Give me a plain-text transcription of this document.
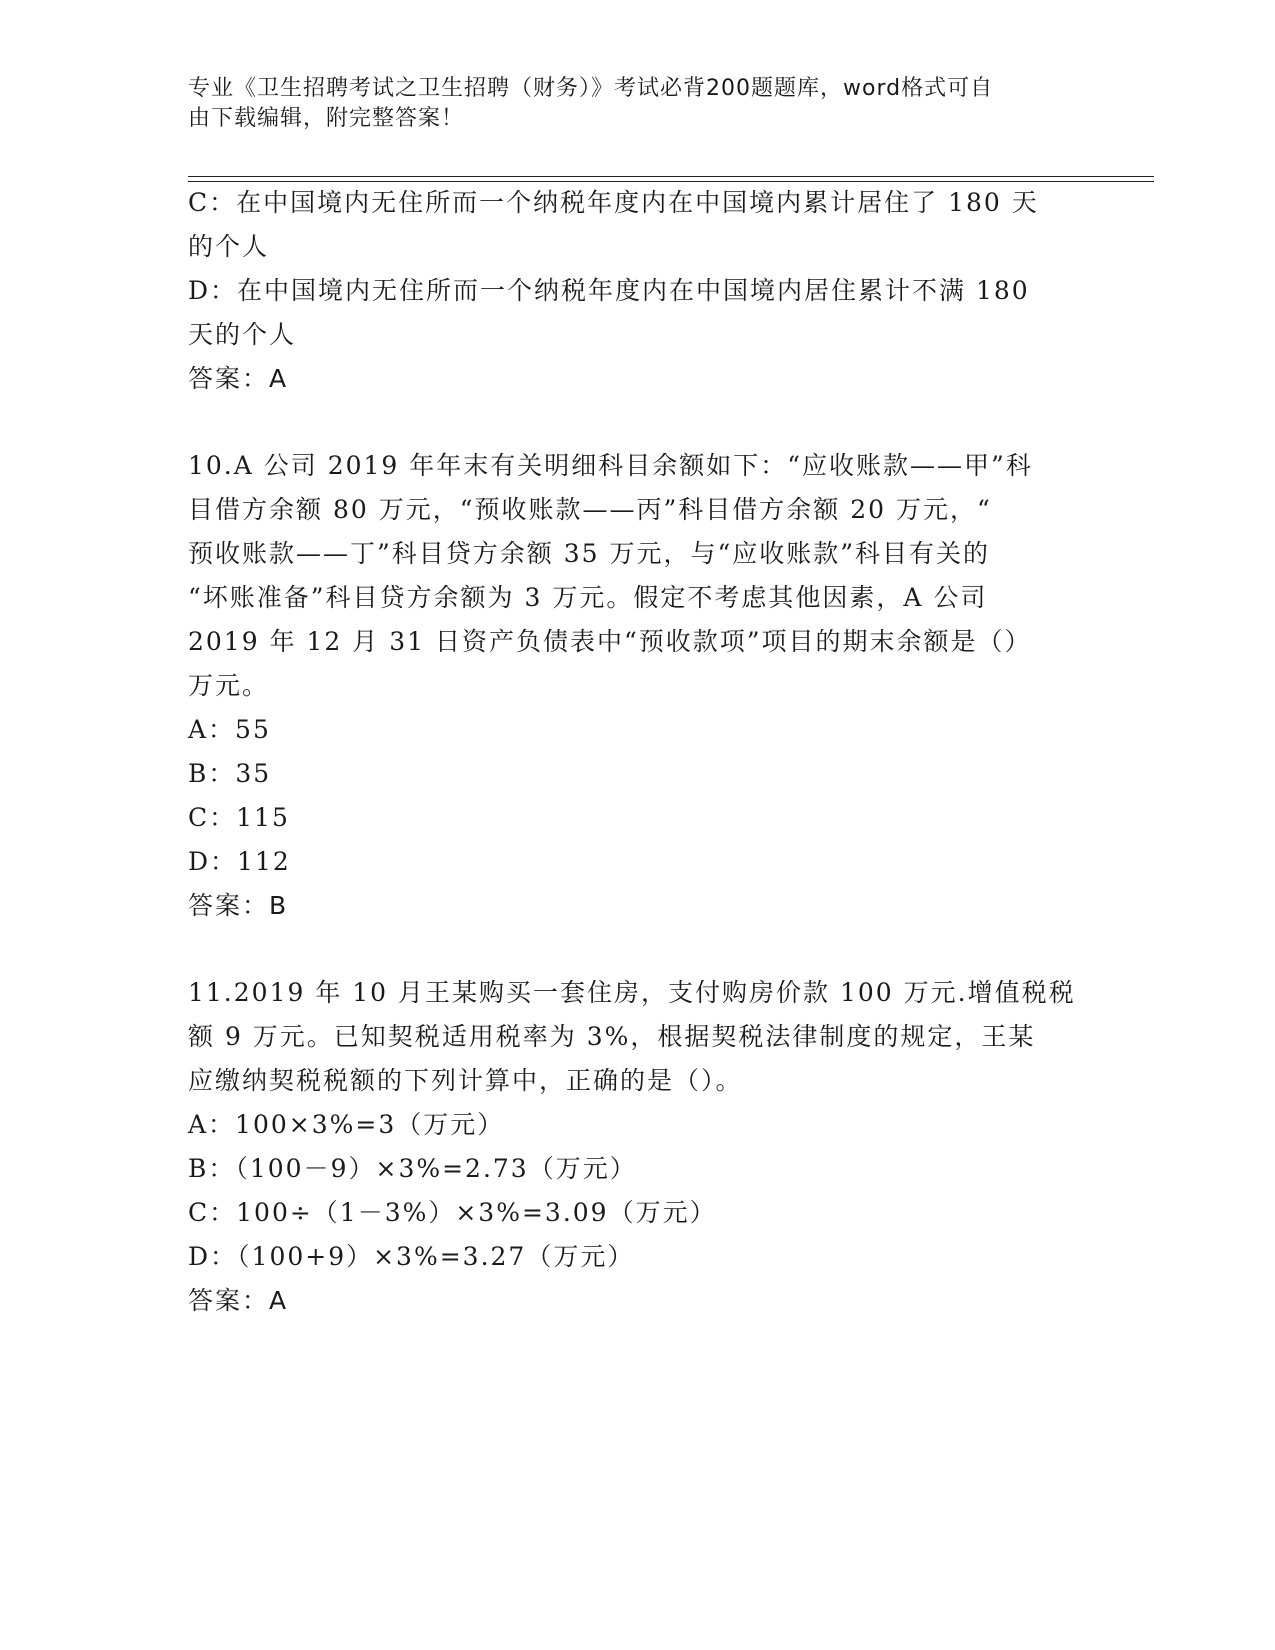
专业《卫生招聘考试之卫生招聘（财务）》考试必背200题题库，word格式可自
由下载编辑，附完整答案！
C：在中国境内无住所而一个纳税年度内在中国境内累计居住了 180 天
的个人
D：在中国境内无住所而一个纳税年度内在中国境内居住累计不满 180
天的个人
答案：A
10.A 公司 2019 年年末有关明细科目余额如下：“应收账款——甲”科
目借方余额 80 万元，“预收账款——丙”科目借方余额 20 万元，“
预收账款——丁”科目贷方余额 35 万元，与“应收账款”科目有关的
“坏账准备”科目贷方余额为 3 万元。假定不考虑其他因素，A 公司
2019 年 12 月 31 日资产负债表中“预收款项”项目的期末余额是（）
万元。
A：55
B：35
C：115
D：112
答案：B
11.2019 年 10 月王某购买一套住房，支付购房价款 100 万元.增值税税
额 9 万元。已知契税适用税率为 3%，根据契税法律制度的规定，王某
应缴纳契税税额的下列计算中，正确的是（）。
A：100×3%=3（万元）
B：（100－9）×3%=2.73（万元）
C：100÷（1－3%）×3%=3.09（万元）
D：（100+9）×3%=3.27（万元）
答案：A
